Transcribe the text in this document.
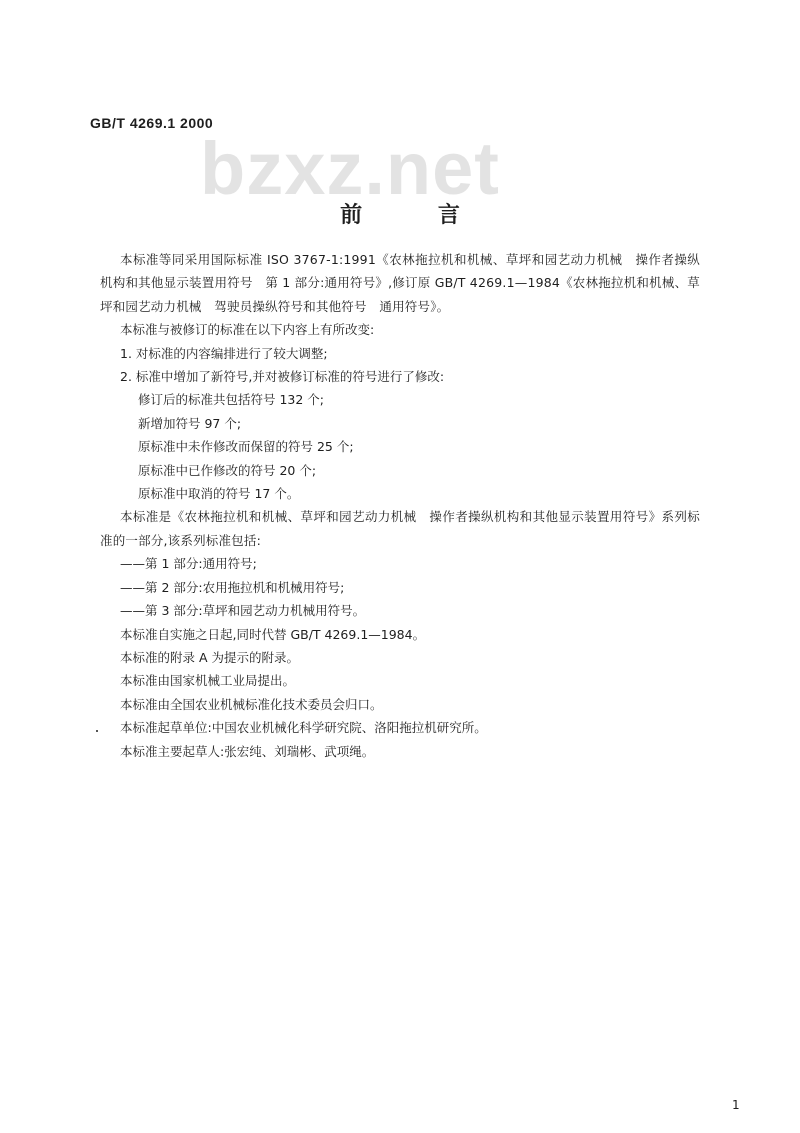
GB/T 4269.1 2000
bzxz.net
前 言

本标准等同采用国际标准 ISO 3767-1:1991《农林拖拉机和机械、草坪和园艺动力机械　操作者操纵机构和其他显示装置用符号　第 1 部分:通用符号》,修订原 GB/T 4269.1—1984《农林拖拉机和机械、草坪和园艺动力机械　驾驶员操纵符号和其他符号　通用符号》。

本标准与被修订的标准在以下内容上有所改变:

1. 对标准的内容编排进行了较大调整;

2. 标准中增加了新符号,并对被修订标准的符号进行了修改:

修订后的标准共包括符号 132 个;

新增加符号 97 个;

原标准中未作修改而保留的符号 25 个;

原标准中已作修改的符号 20 个;

原标准中取消的符号 17 个。

本标准是《农林拖拉机和机械、草坪和园艺动力机械　操作者操纵机构和其他显示装置用符号》系列标准的一部分,该系列标准包括:

——第 1 部分:通用符号;

——第 2 部分:农用拖拉机和机械用符号;

——第 3 部分:草坪和园艺动力机械用符号。

本标准自实施之日起,同时代替 GB/T 4269.1—1984。

本标准的附录 A 为提示的附录。

本标准由国家机械工业局提出。

本标准由全国农业机械标准化技术委员会归口。

本标准起草单位:中国农业机械化科学研究院、洛阳拖拉机研究所。

本标准主要起草人:张宏纯、刘瑞彬、武项绳。

1
